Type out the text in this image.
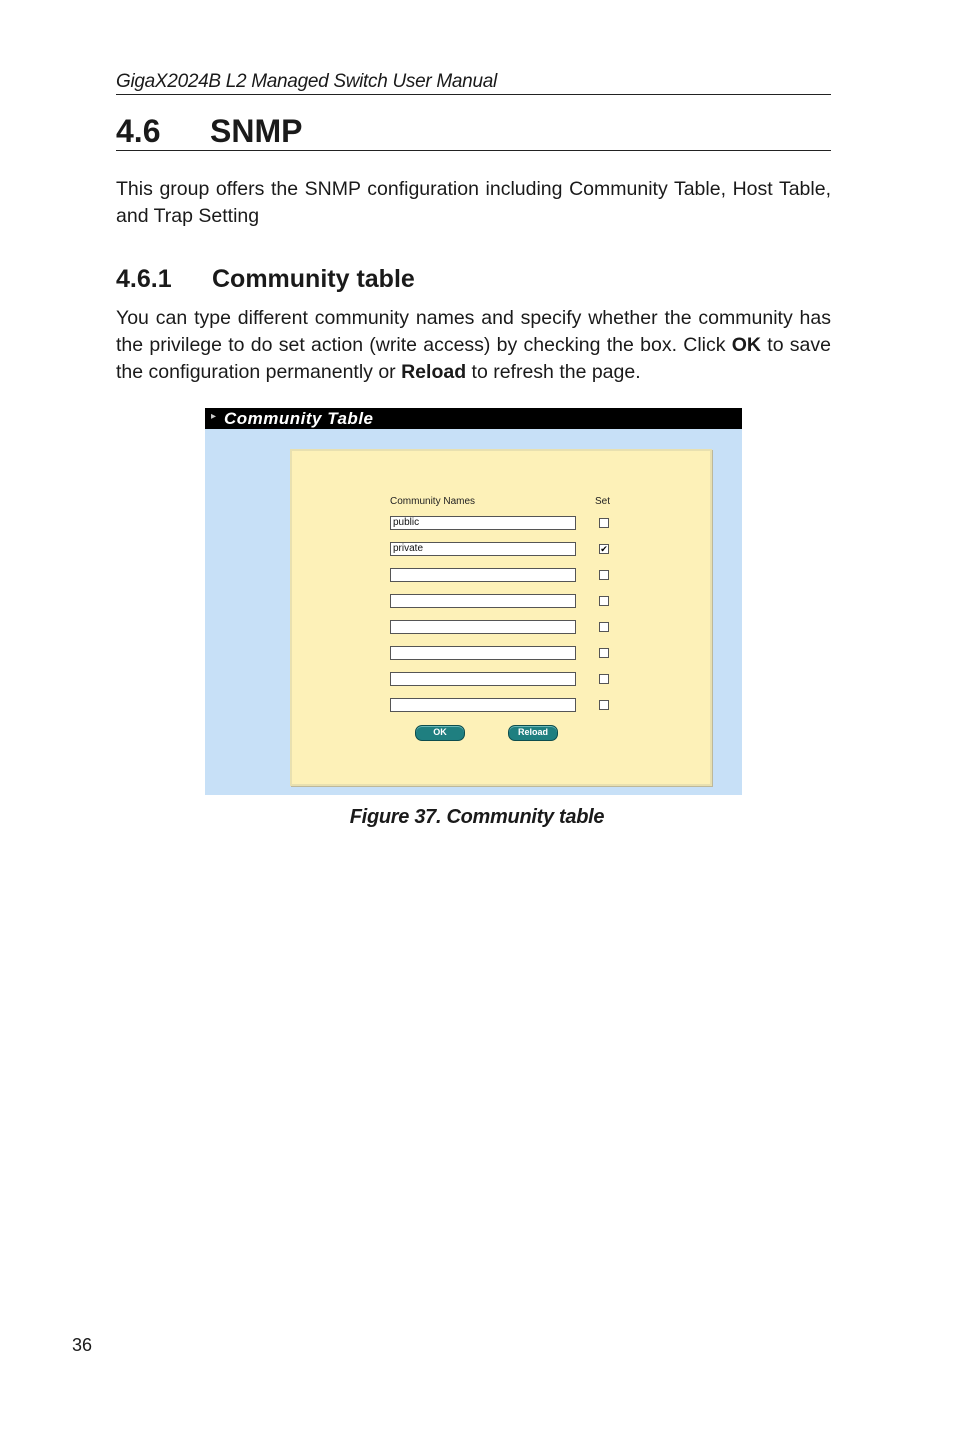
GigaX2024B L2 Managed Switch User Manual
4.6 SNMP
This group offers the SNMP configuration including Community Table, Host Table, and Trap Setting
4.6.1 Community table
You can type different community names and specify whether the community has the privilege to do set action (write access) by checking the box. Click OK to save the configuration permanently or Reload to refresh the page.
▸ Community Table
Community Names	Set
public
private	✔
OK	Reload
Figure 37. Community table
36
